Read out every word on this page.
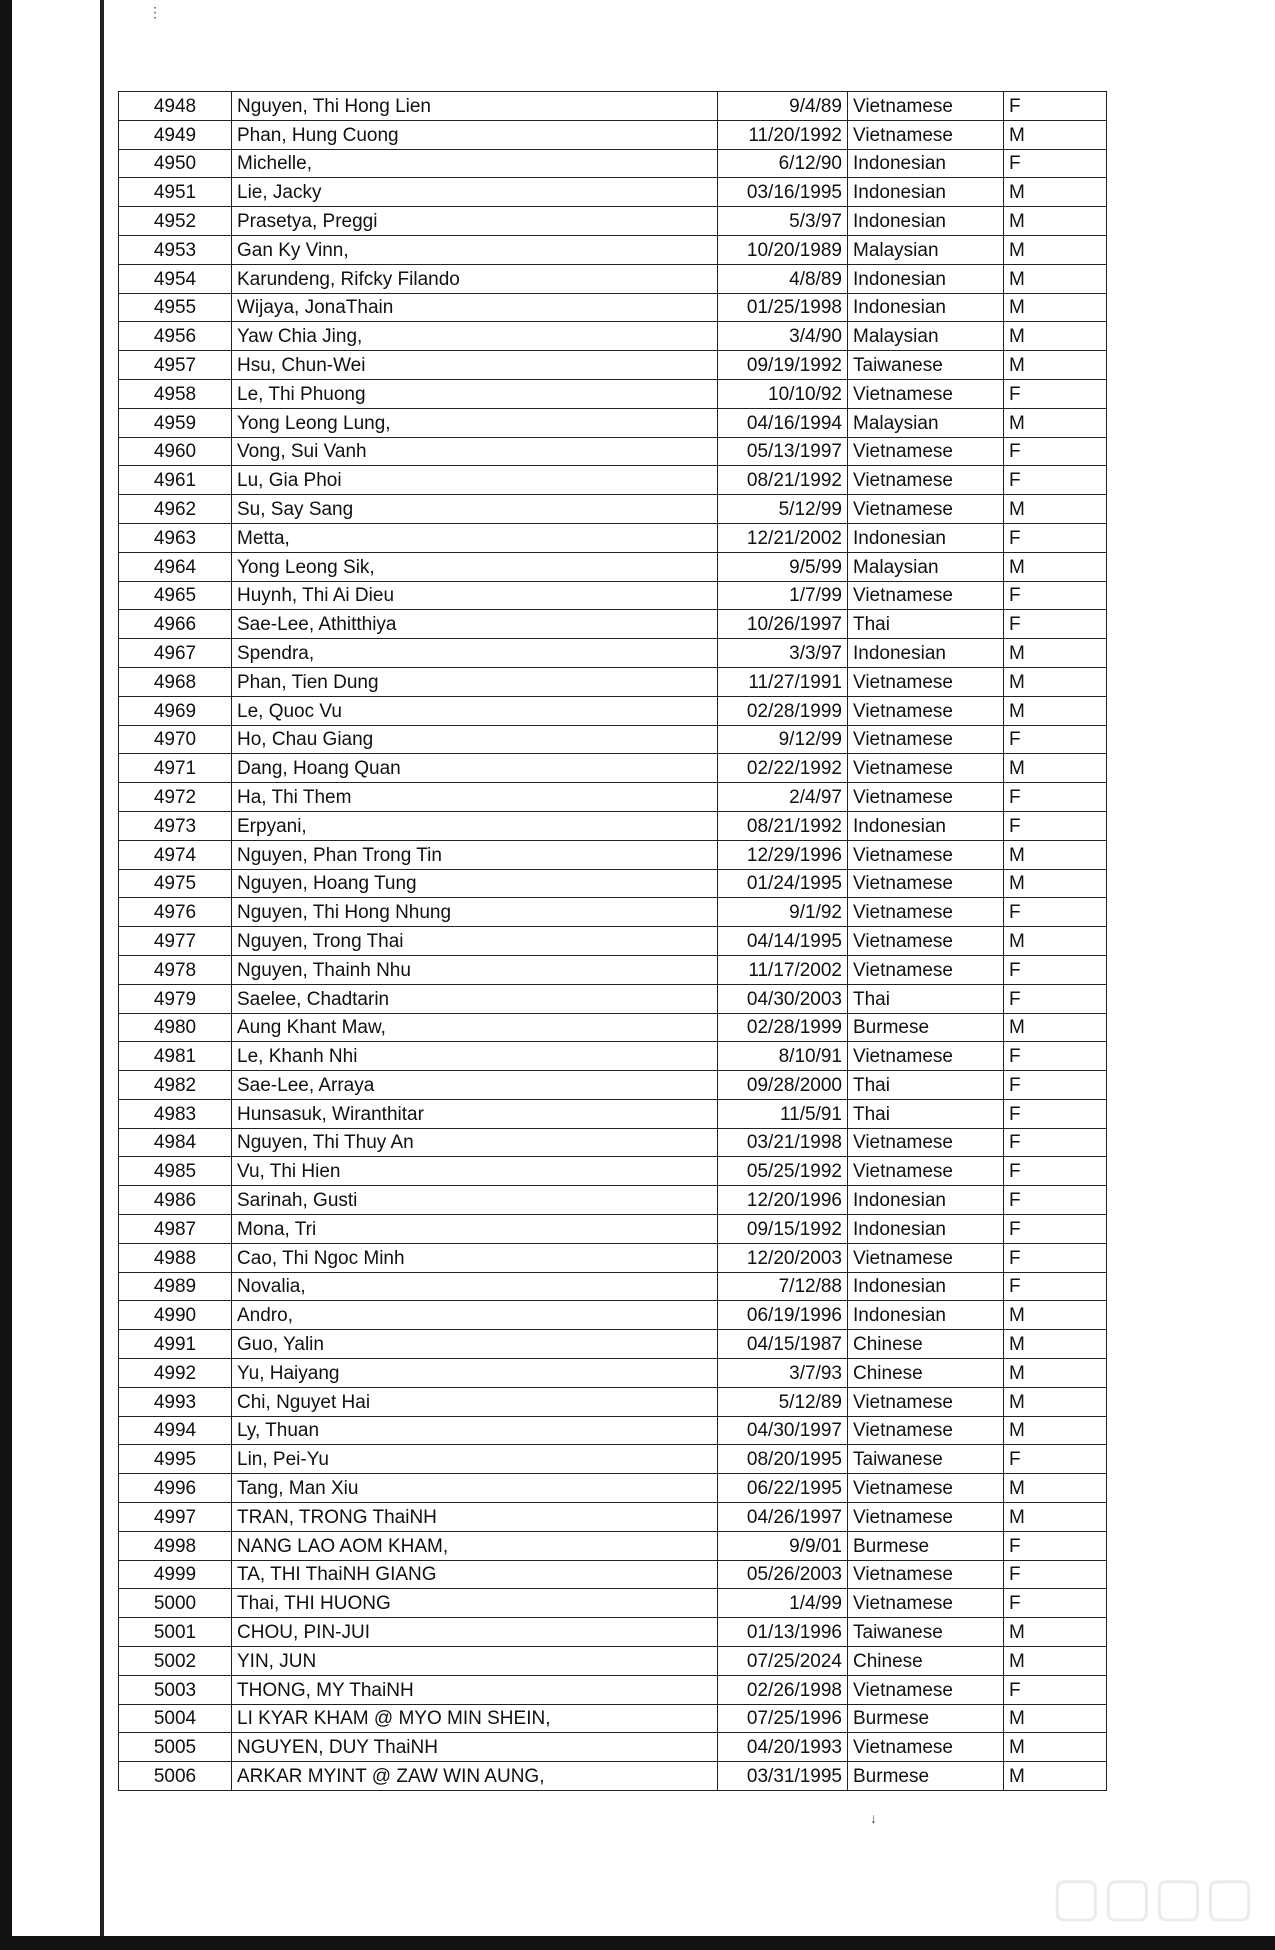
⋮
↓
4948	Nguyen, Thi Hong Lien	9/4/89	Vietnamese	F
4949	Phan, Hung Cuong	11/20/1992	Vietnamese	M
4950	Michelle,	6/12/90	Indonesian	F
4951	Lie, Jacky	03/16/1995	Indonesian	M
4952	Prasetya, Preggi	5/3/97	Indonesian	M
4953	Gan Ky Vinn,	10/20/1989	Malaysian	M
4954	Karundeng, Rifcky Filando	4/8/89	Indonesian	M
4955	Wijaya, JonaThain	01/25/1998	Indonesian	M
4956	Yaw Chia Jing,	3/4/90	Malaysian	M
4957	Hsu, Chun-Wei	09/19/1992	Taiwanese	M
4958	Le, Thi Phuong	10/10/92	Vietnamese	F
4959	Yong Leong Lung,	04/16/1994	Malaysian	M
4960	Vong, Sui Vanh	05/13/1997	Vietnamese	F
4961	Lu, Gia Phoi	08/21/1992	Vietnamese	F
4962	Su, Say Sang	5/12/99	Vietnamese	M
4963	Metta,	12/21/2002	Indonesian	F
4964	Yong Leong Sik,	9/5/99	Malaysian	M
4965	Huynh, Thi Ai Dieu	1/7/99	Vietnamese	F
4966	Sae-Lee, Athitthiya	10/26/1997	Thai	F
4967	Spendra,	3/3/97	Indonesian	M
4968	Phan, Tien Dung	11/27/1991	Vietnamese	M
4969	Le, Quoc Vu	02/28/1999	Vietnamese	M
4970	Ho, Chau Giang	9/12/99	Vietnamese	F
4971	Dang, Hoang Quan	02/22/1992	Vietnamese	M
4972	Ha, Thi Them	2/4/97	Vietnamese	F
4973	Erpyani,	08/21/1992	Indonesian	F
4974	Nguyen, Phan Trong Tin	12/29/1996	Vietnamese	M
4975	Nguyen, Hoang Tung	01/24/1995	Vietnamese	M
4976	Nguyen, Thi Hong Nhung	9/1/92	Vietnamese	F
4977	Nguyen, Trong Thai	04/14/1995	Vietnamese	M
4978	Nguyen, Thainh Nhu	11/17/2002	Vietnamese	F
4979	Saelee, Chadtarin	04/30/2003	Thai	F
4980	Aung Khant Maw,	02/28/1999	Burmese	M
4981	Le, Khanh Nhi	8/10/91	Vietnamese	F
4982	Sae-Lee, Arraya	09/28/2000	Thai	F
4983	Hunsasuk, Wiranthitar	11/5/91	Thai	F
4984	Nguyen, Thi Thuy An	03/21/1998	Vietnamese	F
4985	Vu, Thi Hien	05/25/1992	Vietnamese	F
4986	Sarinah, Gusti	12/20/1996	Indonesian	F
4987	Mona, Tri	09/15/1992	Indonesian	F
4988	Cao, Thi Ngoc Minh	12/20/2003	Vietnamese	F
4989	Novalia,	7/12/88	Indonesian	F
4990	Andro,	06/19/1996	Indonesian	M
4991	Guo, Yalin	04/15/1987	Chinese	M
4992	Yu, Haiyang	3/7/93	Chinese	M
4993	Chi, Nguyet Hai	5/12/89	Vietnamese	M
4994	Ly, Thuan	04/30/1997	Vietnamese	M
4995	Lin, Pei-Yu	08/20/1995	Taiwanese	F
4996	Tang, Man Xiu	06/22/1995	Vietnamese	M
4997	TRAN, TRONG ThaiNH	04/26/1997	Vietnamese	M
4998	NANG LAO AOM KHAM,	9/9/01	Burmese	F
4999	TA, THI ThaiNH GIANG	05/26/2003	Vietnamese	F
5000	Thai, THI HUONG	1/4/99	Vietnamese	F
5001	CHOU, PIN-JUI	01/13/1996	Taiwanese	M
5002	YIN, JUN	07/25/2024	Chinese	M
5003	THONG, MY ThaiNH	02/26/1998	Vietnamese	F
5004	LI KYAR KHAM @ MYO MIN SHEIN,	07/25/1996	Burmese	M
5005	NGUYEN, DUY ThaiNH	04/20/1993	Vietnamese	M
5006	ARKAR MYINT @ ZAW WIN AUNG,	03/31/1995	Burmese	M
▢▢▢▢
